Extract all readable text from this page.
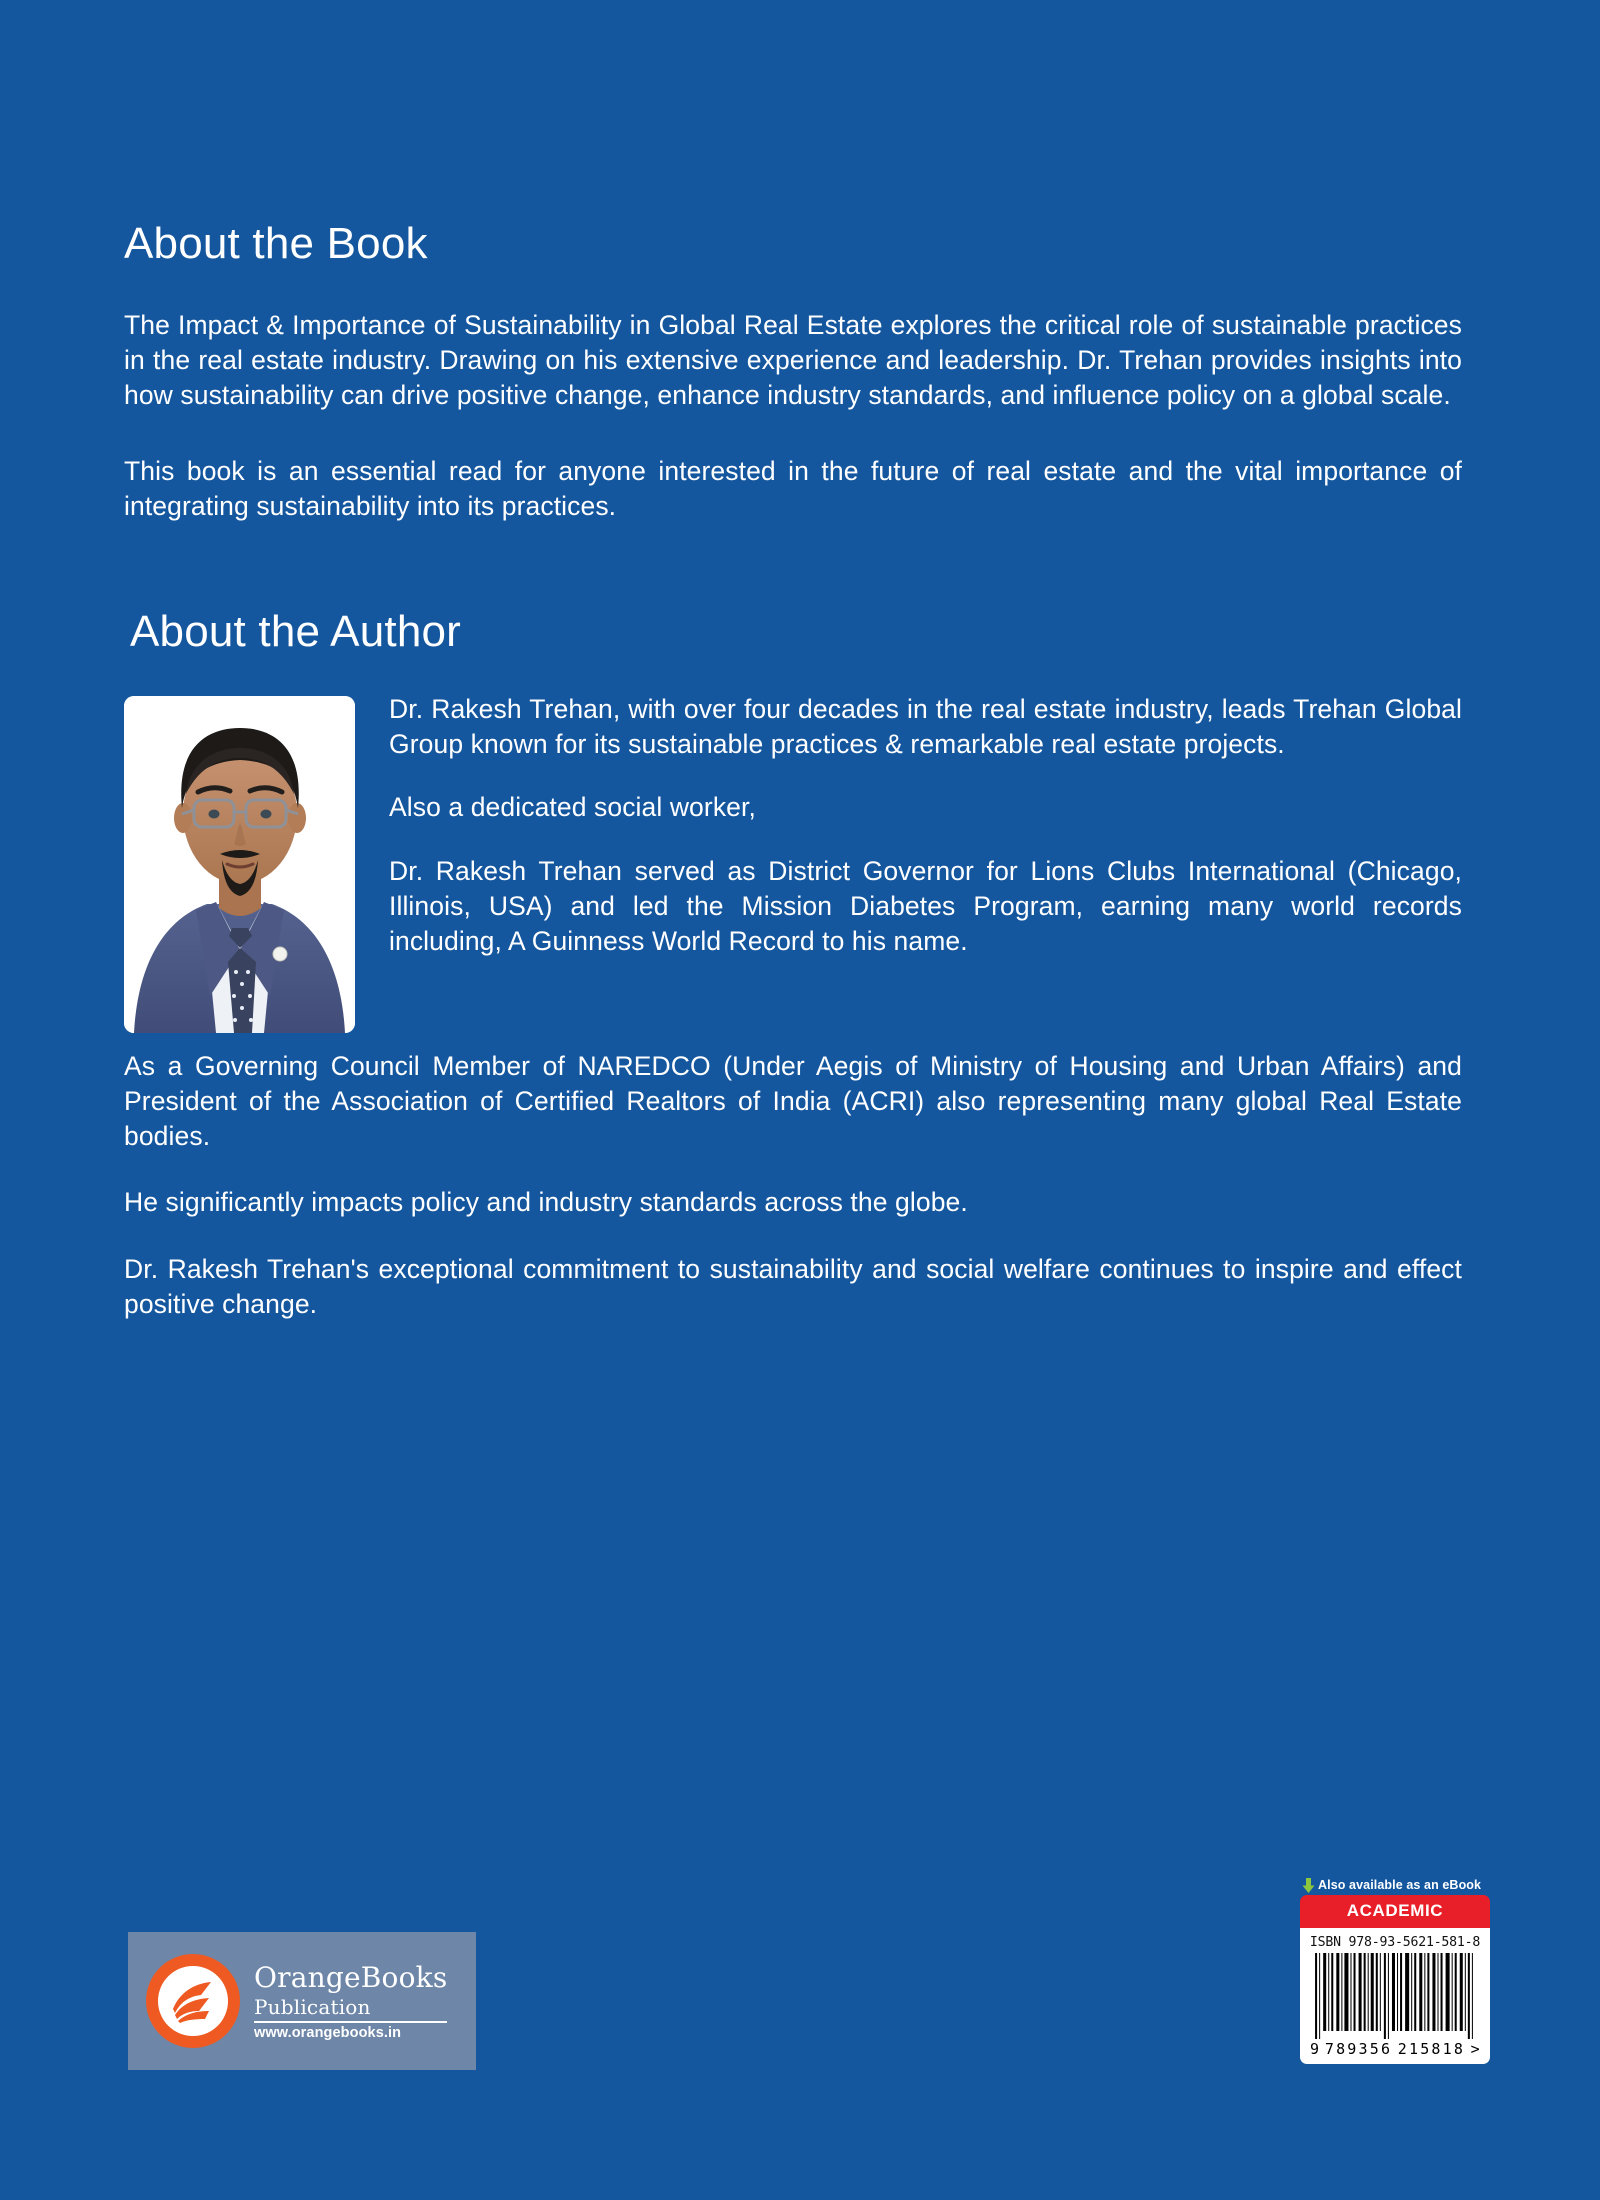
About the Book

The Impact & Importance of Sustainability in Global Real Estate explores the critical role of sustainable practices in the real estate industry. Drawing on his extensive experience and leadership. Dr. Trehan provides insights into how sustainability can drive positive change, enhance industry standards, and influence policy on a global scale.

This book is an essential read for anyone interested in the future of real estate and the vital importance of integrating sustainability into its practices.

About the Author

Dr. Rakesh Trehan, with over four decades in the real estate industry, leads Trehan Global Group known for its sustainable practices & remarkable real estate projects.

Also a dedicated social worker,

Dr. Rakesh Trehan served as District Governor for Lions Clubs International (Chicago, Illinois, USA) and led the Mission Diabetes Program, earning many world records including, A Guinness World Record to his name.

As a Governing Council Member of NAREDCO (Under Aegis of Ministry of Housing and Urban Affairs) and President of the Association of Certified Realtors of India (ACRI) also representing many global Real Estate bodies.

He significantly impacts policy and industry standards across the globe.

Dr. Rakesh Trehan's exceptional commitment to sustainability and social welfare continues to inspire and effect positive change.

OrangeBooks
Publication
www.orangebooks.in
Also available as an eBook
ACADEMIC
ISBN 978-93-5621-581-8
9 789356 215818 >
